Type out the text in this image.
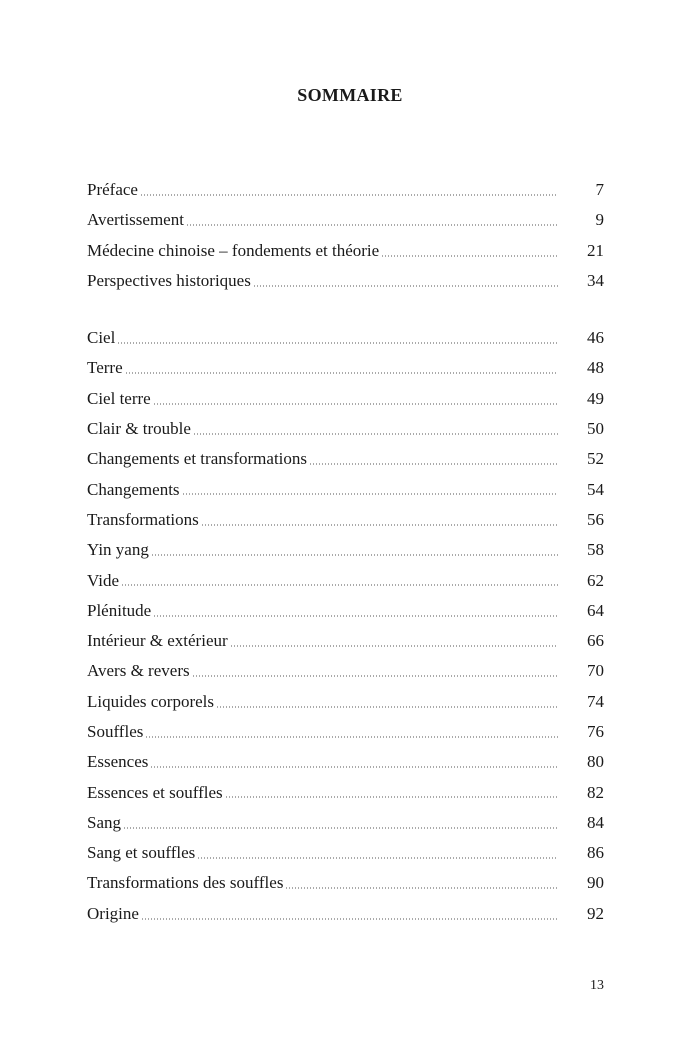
SOMMAIRE
Préface	7
Avertissement	9
Médecine chinoise – fondements et théorie	21
Perspectives historiques	34
Ciel	46
Terre	48
Ciel terre	49
Clair & trouble	50
Changements et transformations	52
Changements	54
Transformations	56
Yin yang	58
Vide	62
Plénitude	64
Intérieur & extérieur	66
Avers & revers	70
Liquides corporels	74
Souffles	76
Essences	80
Essences et souffles	82
Sang	84
Sang et souffles	86
Transformations des souffles	90
Origine	92
13
